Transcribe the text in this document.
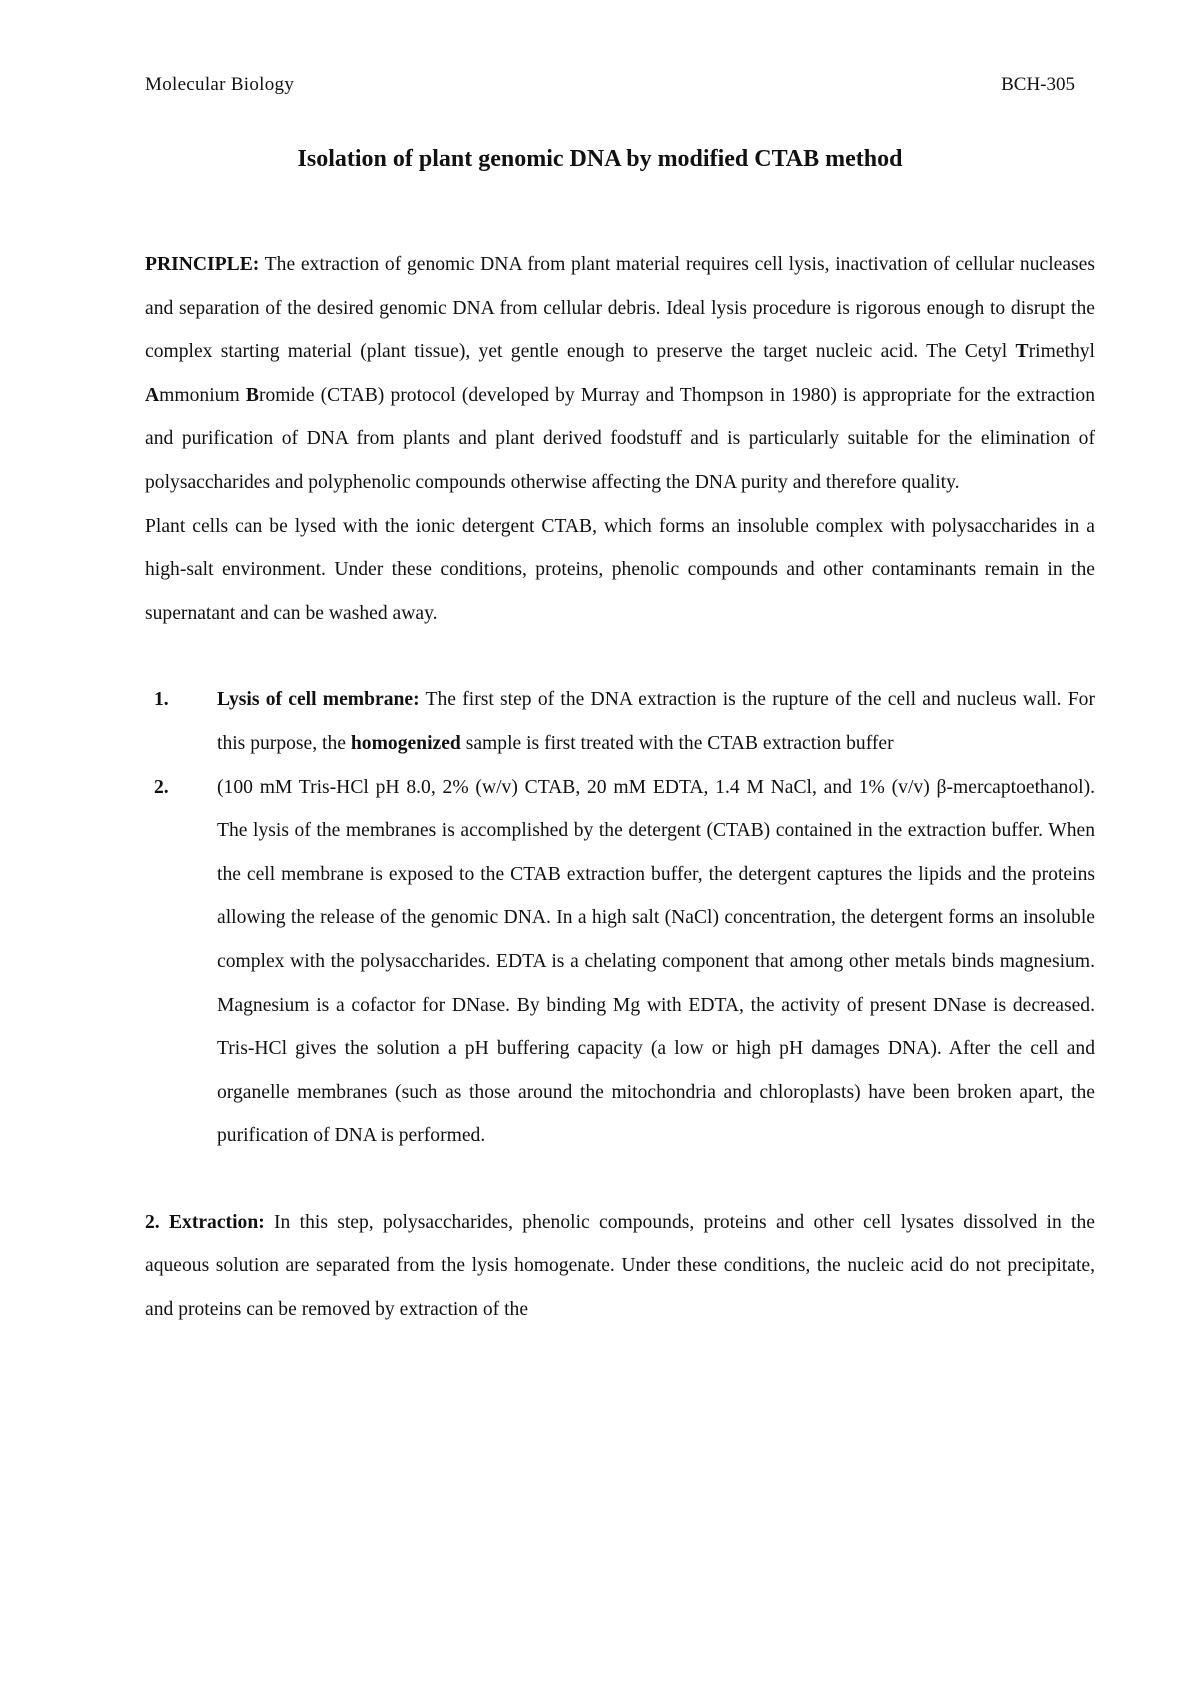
Molecular Biology	BCH-305
Isolation of plant genomic DNA by modified CTAB method

PRINCIPLE: The extraction of genomic DNA from plant material requires cell lysis, inactivation of cellular nucleases and separation of the desired genomic DNA from cellular debris. Ideal lysis procedure is rigorous enough to disrupt the complex starting material (plant tissue), yet gentle enough to preserve the target nucleic acid. The Cetyl Trimethyl Ammonium Bromide (CTAB) protocol (developed by Murray and Thompson in 1980) is appropriate for the extraction and purification of DNA from plants and plant derived foodstuff and is particularly suitable for the elimination of polysaccharides and polyphenolic compounds otherwise affecting the DNA purity and therefore quality.

Plant cells can be lysed with the ionic detergent CTAB, which forms an insoluble complex with polysaccharides in a high-salt environment. Under these conditions, proteins, phenolic compounds and other contaminants remain in the supernatant and can be washed away.

1.	Lysis of cell membrane: The first step of the DNA extraction is the rupture of the cell and nucleus wall. For this purpose, the homogenized sample is first treated with the CTAB extraction buffer
2.	(100 mM Tris-HCl pH 8.0, 2% (w/v) CTAB, 20 mM EDTA, 1.4 M NaCl, and 1% (v/v) β-mercaptoethanol). The lysis of the membranes is accomplished by the detergent (CTAB) contained in the extraction buffer. When the cell membrane is exposed to the CTAB extraction buffer, the detergent captures the lipids and the proteins allowing the release of the genomic DNA. In a high salt (NaCl) concentration, the detergent forms an insoluble complex with the polysaccharides. EDTA is a chelating component that among other metals binds magnesium. Magnesium is a cofactor for DNase. By binding Mg with EDTA, the activity of present DNase is decreased. Tris-HCl gives the solution a pH buffering capacity (a low or high pH damages DNA). After the cell and organelle membranes (such as those around the mitochondria and chloroplasts) have been broken apart, the purification of DNA is performed.

2. Extraction: In this step, polysaccharides, phenolic compounds, proteins and other cell lysates dissolved in the aqueous solution are separated from the lysis homogenate. Under these conditions, the nucleic acid do not precipitate, and proteins can be removed by extraction of the
